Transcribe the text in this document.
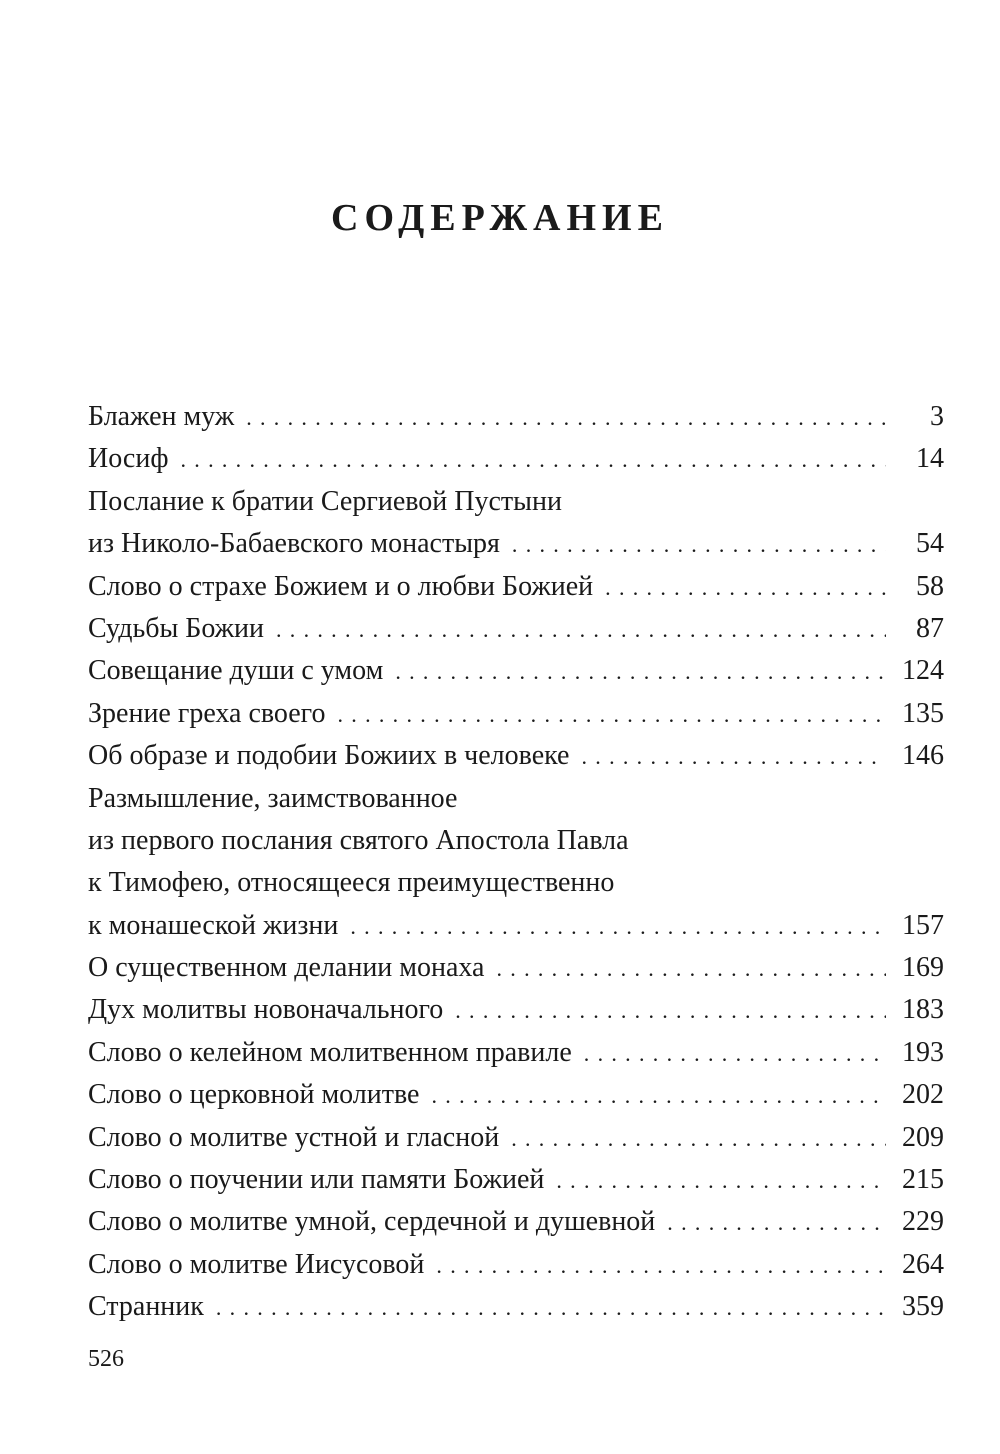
СОДЕРЖАНИЕ
Блажен муж . . .	3
Иосиф . . .	14
Послание к братии Сергиевой Пустыни
из Николо-Бабаевского монастыря . . .	54
Слово о страхе Божием и о любви Божией . . .	58
Судьбы Божии . . .	87
Совещание души с умом . . .	124
Зрение греха своего . . .	135
Об образе и подобии Божиих в человеке . . .	146
Размышление, заимствованное
из первого послания святого Апостола Павла
к Тимофею, относящееся преимущественно
к монашеской жизни . . .	157
О существенном делании монаха . . .	169
Дух молитвы новоначального . . .	183
Слово о келейном молитвенном правиле . . .	193
Слово о церковной молитве . . .	202
Слово о молитве устной и гласной . . .	209
Слово о поучении или памяти Божией . . .	215
Слово о молитве умной, сердечной и душевной . . .	229
Слово о молитве Иисусовой . . .	264
Странник . . .	359

526
